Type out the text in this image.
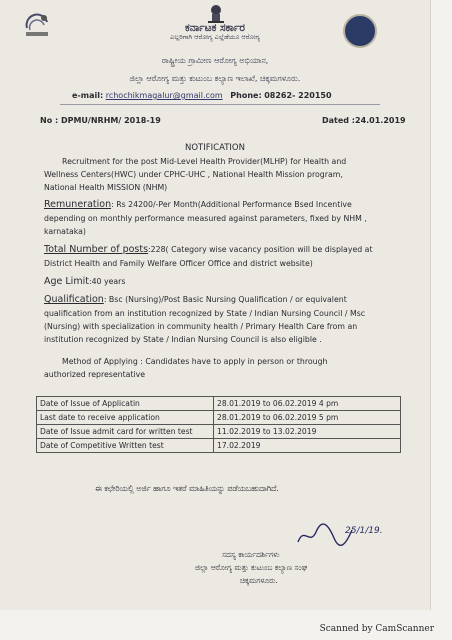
ಕರ್ನಾಟಕ ಸರ್ಕಾರ
ಎಲ್ಲರಿಗಾಗಿ ಆರೋಗ್ಯ ಎಲ್ಲೆಡೆಯೂ ಆರೋಗ್ಯ
ರಾಷ್ಟ್ರೀಯ ಗ್ರಾಮೀಣ ಆರೋಗ್ಯ ಅಭಿಯಾನ,
ಜಿಲ್ಲಾ ಆರೋಗ್ಯ ಮತ್ತು ಕುಟುಂಬ ಕಲ್ಯಾಣ ಇಲಾಖೆ, ಚಿಕ್ಕಮಗಳೂರು.
e-mail: rchochikmagalur@gmail.com Phone: 08262- 220150
No : DPMU/NRHM/ 2018-19	Dated :24.01.2019
NOTIFICATION
Recruitment for the post Mid-Level Health Provider(MLHP) for Health and
Wellness Centers(HWC) under CPHC-UHC , National Health Mission program,
National Health MISSION (NHM)
Remuneration: Rs 24200/-Per Month(Additional Performance Bsed Incentive
depending on monthly performance measured against parameters, fixed by NHM ,
karnataka)
Total Number of posts:228( Category wise vacancy position will be displayed at
District Health and Family Welfare Officer Office and district website)
Age Limit:40 years
Qualification: Bsc (Nursing)/Post Basic Nursing Qualification / or equivalent
qualification from an institution recognized by State / Indian Nursing Council / Msc
(Nursing) with specialization in community health / Primary Health Care from an
institution recognized by State / Indian Nursing Council is also eligible .
Method of Applying : Candidates have to apply in person or through
authorized representative
Date of Issue of Applicatin	28.01.2019 to 06.02.2019 4 pm
Last date to receive application	28.01.2019 to 06.02.2019 5 pm
Date of Issue admit card for written test	11.02.2019 to 13.02.2019
Date of Competitive Written test	17.02.2019
ಈ ಕಛೇರಿಯಲ್ಲಿ ಅರ್ಜಿ ಹಾಗೂ ಇತರೆ ಮಾಹಿತಿಯನ್ನು ಪಡೆಯಬಹುದಾಗಿದೆ.
25/1/19.
ಸದಸ್ಯ ಕಾರ್ಯದರ್ಶಿಗಳು
ಜಿಲ್ಲಾ ಆರೋಗ್ಯ ಮತ್ತು ಕುಟುಂಬ ಕಲ್ಯಾಣ ಸಂಘ
ಚಿಕ್ಕಮಗಳೂರು.
Scanned by CamScanner
